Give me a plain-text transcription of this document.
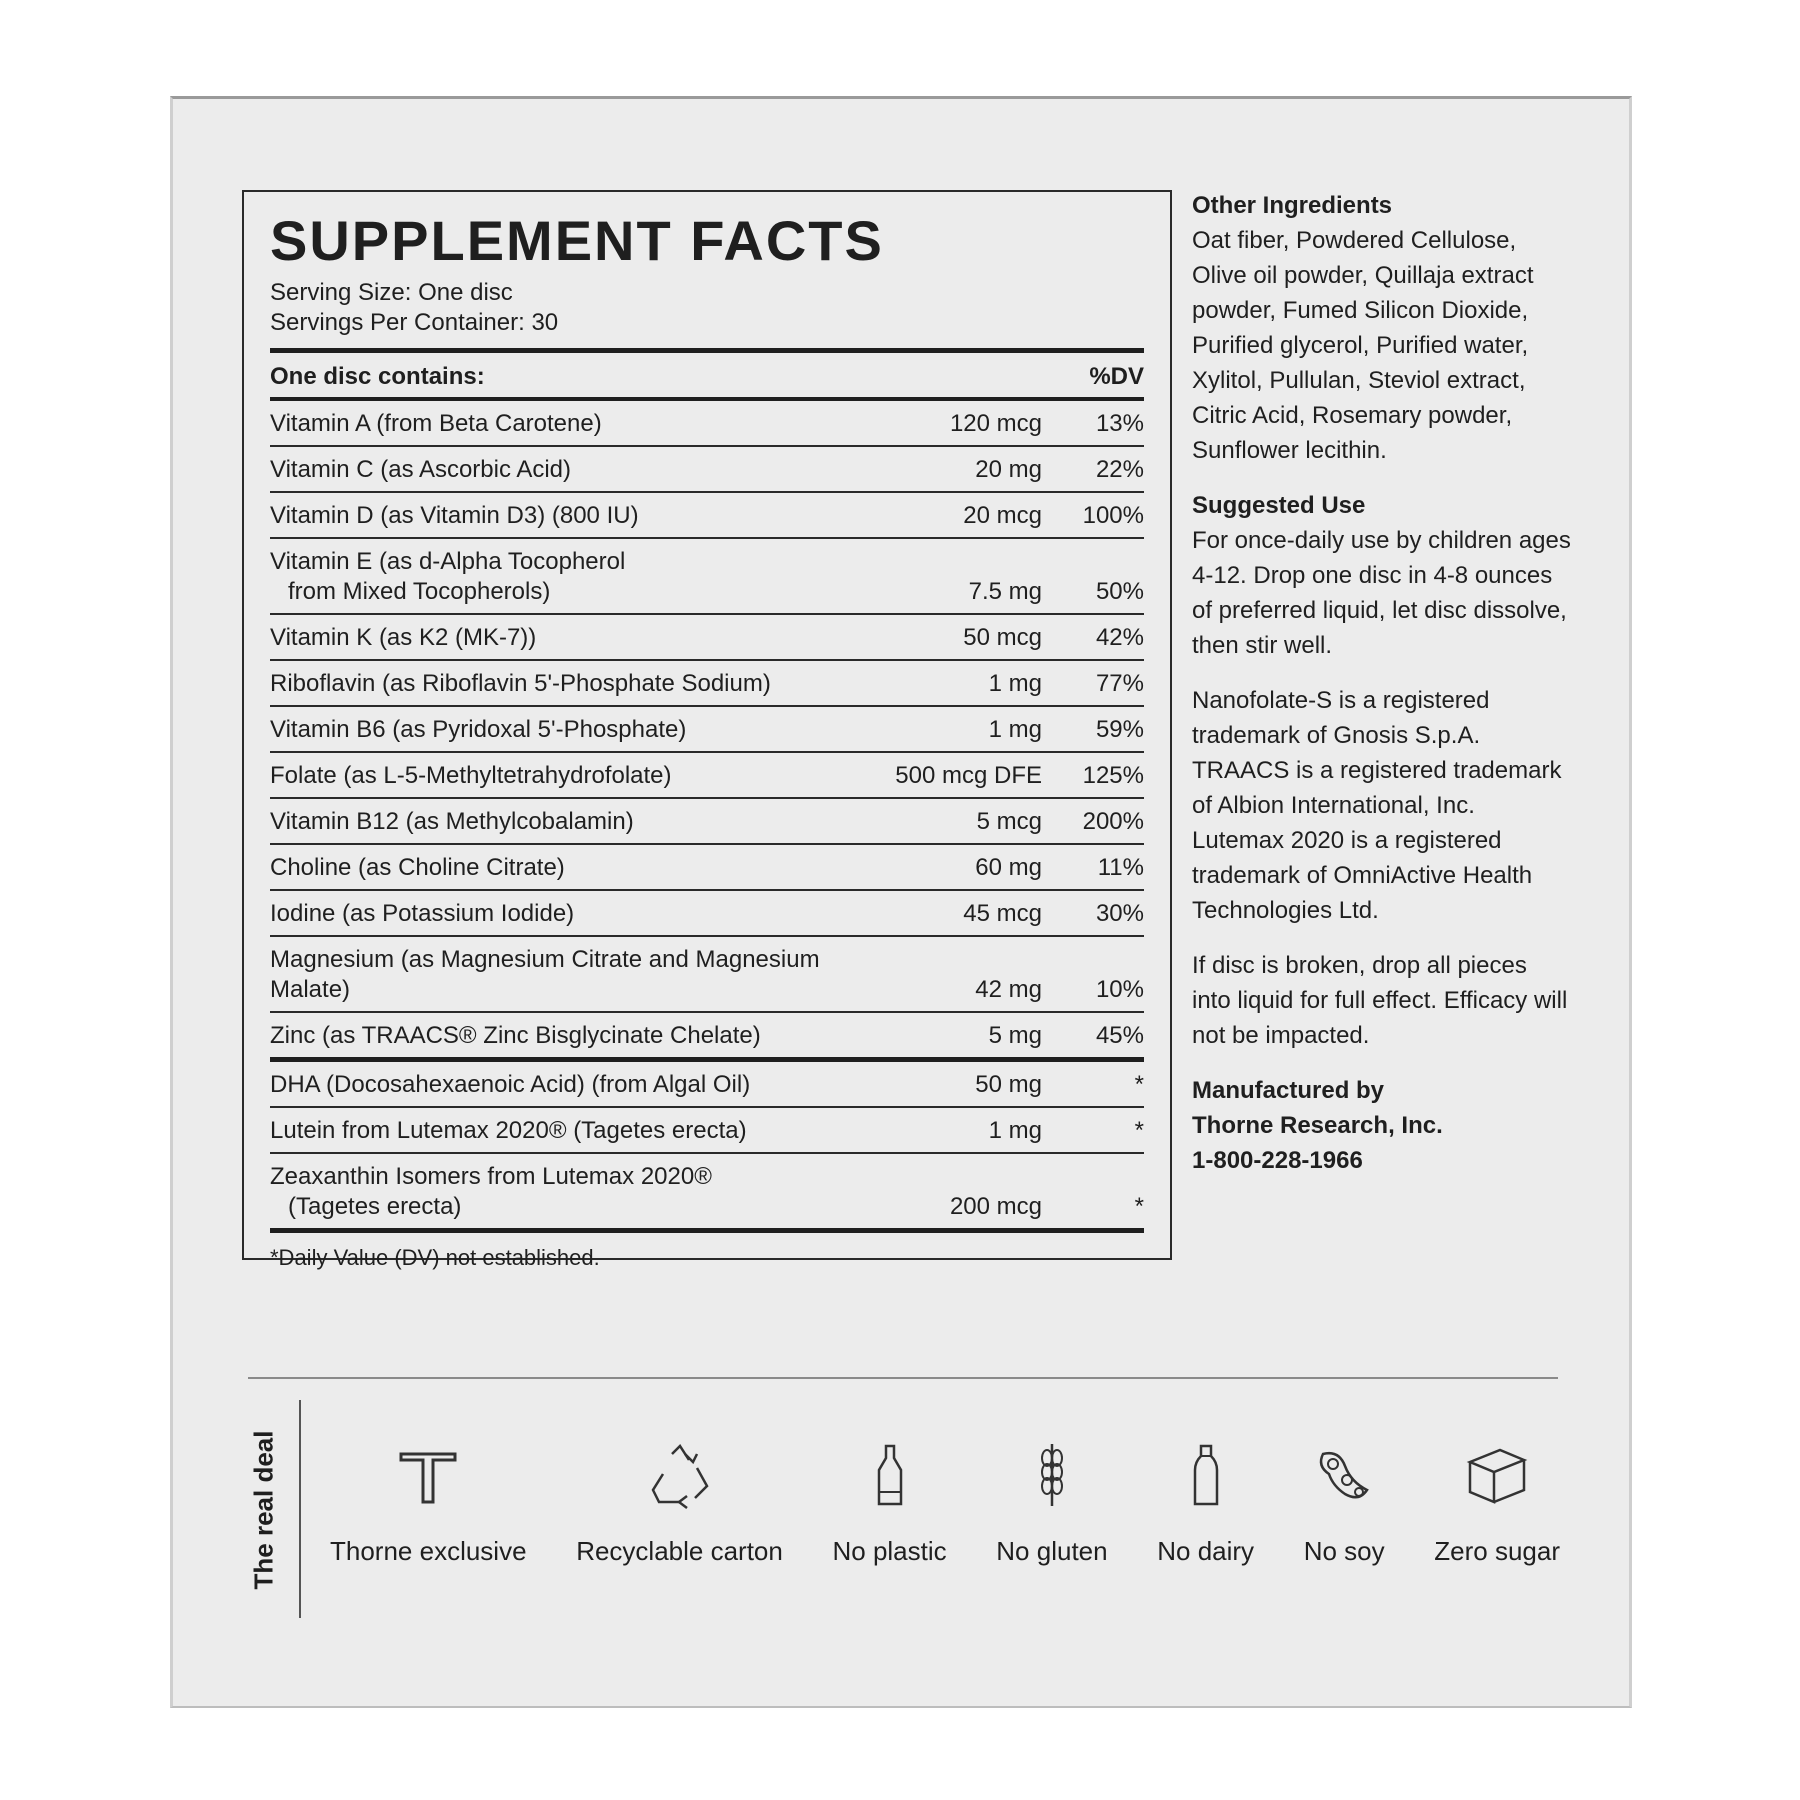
SUPPLEMENT FACTS
Serving Size: One disc
Servings Per Container: 30
One disc contains:	%DV
Vitamin A (from Beta Carotene)	120 mcg	13%
Vitamin C (as Ascorbic Acid)	20 mg	22%
Vitamin D (as Vitamin D3) (800 IU)	20 mcg	100%
Vitamin E (as d-Alpha Tocopherol
from Mixed Tocopherols)	7.5 mg	50%
Vitamin K (as K2 (MK-7))	50 mcg	42%
Riboflavin (as Riboflavin 5'-Phosphate Sodium)	1 mg	77%
Vitamin B6 (as Pyridoxal 5'-Phosphate)	1 mg	59%
Folate (as L-5-Methyltetrahydrofolate)	500 mcg DFE	125%
Vitamin B12 (as Methylcobalamin)	5 mcg	200%
Choline (as Choline Citrate)	60 mg	11%
Iodine (as Potassium Iodide)	45 mcg	30%
Magnesium (as Magnesium Citrate and Magnesium Malate)	42 mg	10%
Zinc (as TRAACS® Zinc Bisglycinate Chelate)	5 mg	45%
DHA (Docosahexaenoic Acid) (from Algal Oil)	50 mg	*
Lutein from Lutemax 2020® (Tagetes erecta)	1 mg	*
Zeaxanthin Isomers from Lutemax 2020®
(Tagetes erecta)	200 mcg	*
*Daily Value (DV) not established.
Other Ingredients

Oat fiber, Powdered Cellulose, Olive oil powder, Quillaja extract powder, Fumed Silicon Dioxide, Purified glycerol, Purified water, Xylitol, Pullulan, Steviol extract, Citric Acid, Rosemary powder, Sunflower lecithin.

Suggested Use

For once-daily use by children ages 4-12. Drop one disc in 4-8 ounces of preferred liquid, let disc dissolve, then stir well.

Nanofolate-S is a registered trademark of Gnosis S.p.A. TRAACS is a registered trademark of Albion International, Inc. Lutemax 2020 is a registered trademark of OmniActive Health Technologies Ltd.

If disc is broken, drop all pieces into liquid for full effect. Efficacy will not be impacted.

Manufactured by
Thorne Research, Inc.
1-800-228-1966
The real deal Thorne exclusive Recyclable carton No plastic No gluten No dairy No soy Zero sugar
